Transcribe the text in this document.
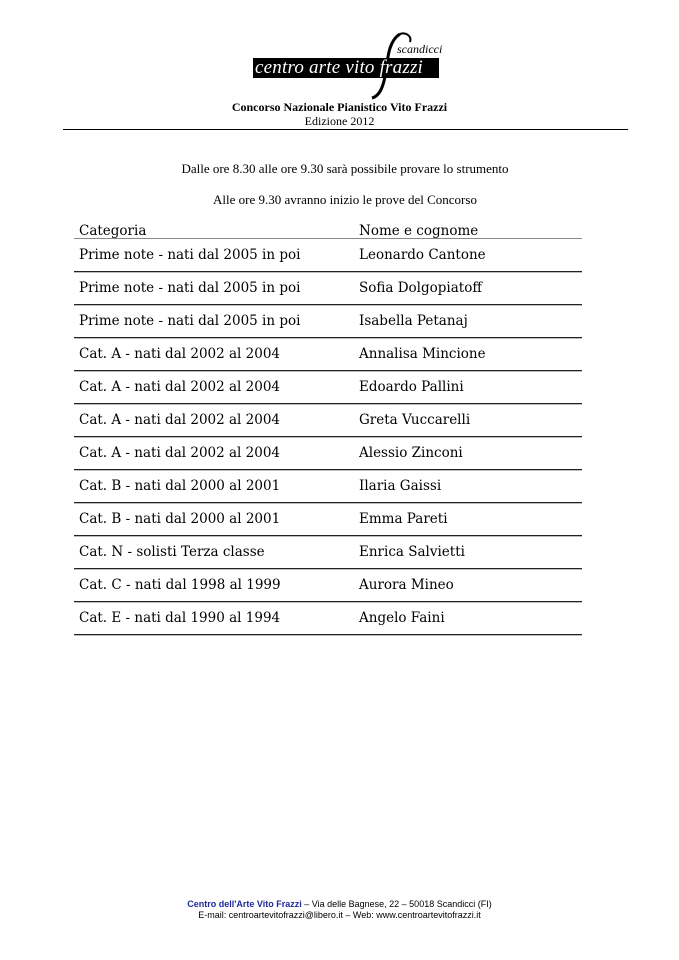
centro arte vito frazzi
scandicci
Concorso Nazionale Pianistico Vito Frazzi
Edizione 2012
Dalle ore 8.30 alle ore 9.30 sarà possibile provare lo strumento
Alle ore 9.30 avranno inizio le prove del Concorso
Categoria	Nome e cognome
Prime note - nati dal 2005 in poi	Leonardo Cantone
Prime note - nati dal 2005 in poi	Sofia Dolgopiatoff
Prime note - nati dal 2005 in poi	Isabella Petanaj
Cat. A - nati dal 2002 al 2004	Annalisa Mincione
Cat. A - nati dal 2002 al 2004	Edoardo Pallini
Cat. A - nati dal 2002 al 2004	Greta Vuccarelli
Cat. A - nati dal 2002 al 2004	Alessio Zinconi
Cat. B - nati dal 2000 al 2001	Ilaria Gaissi
Cat. B - nati dal 2000 al 2001	Emma Pareti
Cat. N - solisti Terza classe	Enrica Salvietti
Cat. C - nati dal 1998 al 1999	Aurora Mineo
Cat. E - nati dal 1990 al 1994	Angelo Faini
Centro dell'Arte Vito Frazzi – Via delle Bagnese, 22 – 50018 Scandicci (FI)
E-mail: centroartevitofrazzi@libero.it – Web: www.centroartevitofrazzi.it
